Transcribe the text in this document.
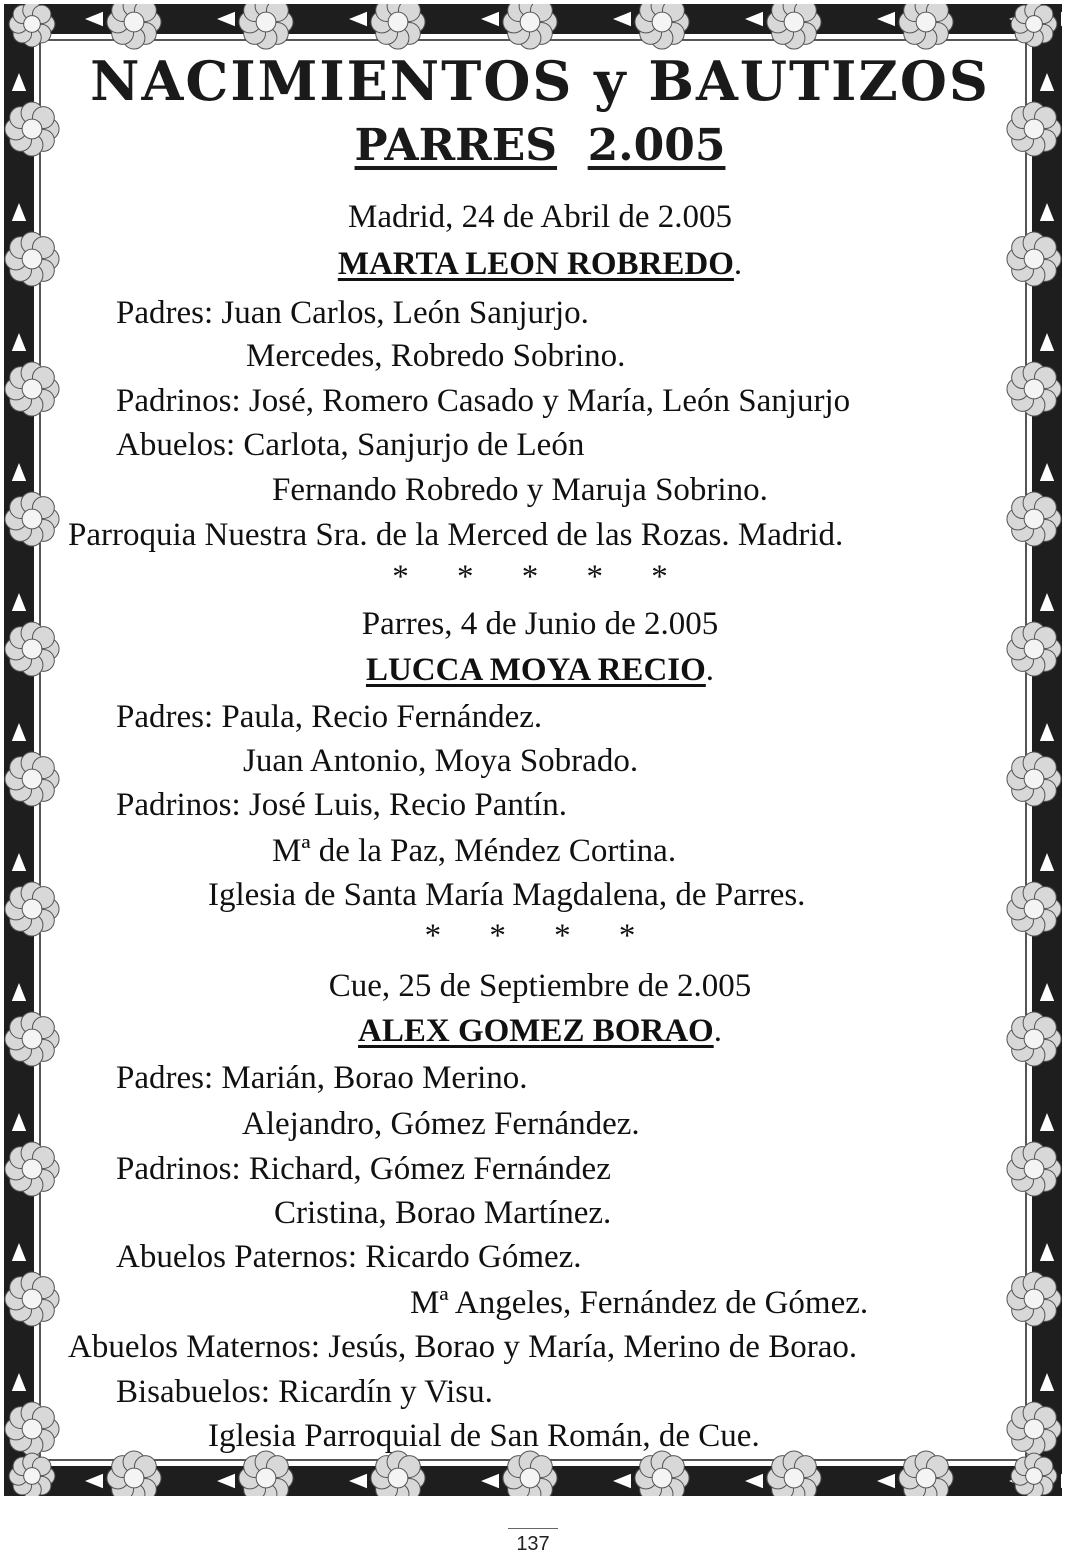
NACIMIENTOS y BAUTIZOS
PARRES 2.005
Madrid, 24 de Abril de 2.005
MARTA LEON ROBREDO.
Padres: Juan Carlos, León Sanjurjo.
Mercedes, Robredo Sobrino.
Padrinos: José, Romero Casado y María, León Sanjurjo
Abuelos: Carlota, Sanjurjo de León
Fernando Robredo y Maruja Sobrino.
Parroquia Nuestra Sra. de la Merced de las Rozas. Madrid.
* * * * *
Parres, 4 de Junio de 2.005
LUCCA MOYA RECIO.
Padres: Paula, Recio Fernández.
Juan Antonio, Moya Sobrado.
Padrinos: José Luis, Recio Pantín.
Mª de la Paz, Méndez Cortina.
Iglesia de Santa María Magdalena, de Parres.
* * * *
Cue, 25 de Septiembre de 2.005
ALEX GOMEZ BORAO.
Padres: Marián, Borao Merino.
Alejandro, Gómez Fernández.
Padrinos: Richard, Gómez Fernández
Cristina, Borao Martínez.
Abuelos Paternos: Ricardo Gómez.
Mª Angeles, Fernández de Gómez.
Abuelos Maternos: Jesús, Borao y María, Merino de Borao.
Bisabuelos: Ricardín y Visu.
Iglesia Parroquial de San Román, de Cue.
137
